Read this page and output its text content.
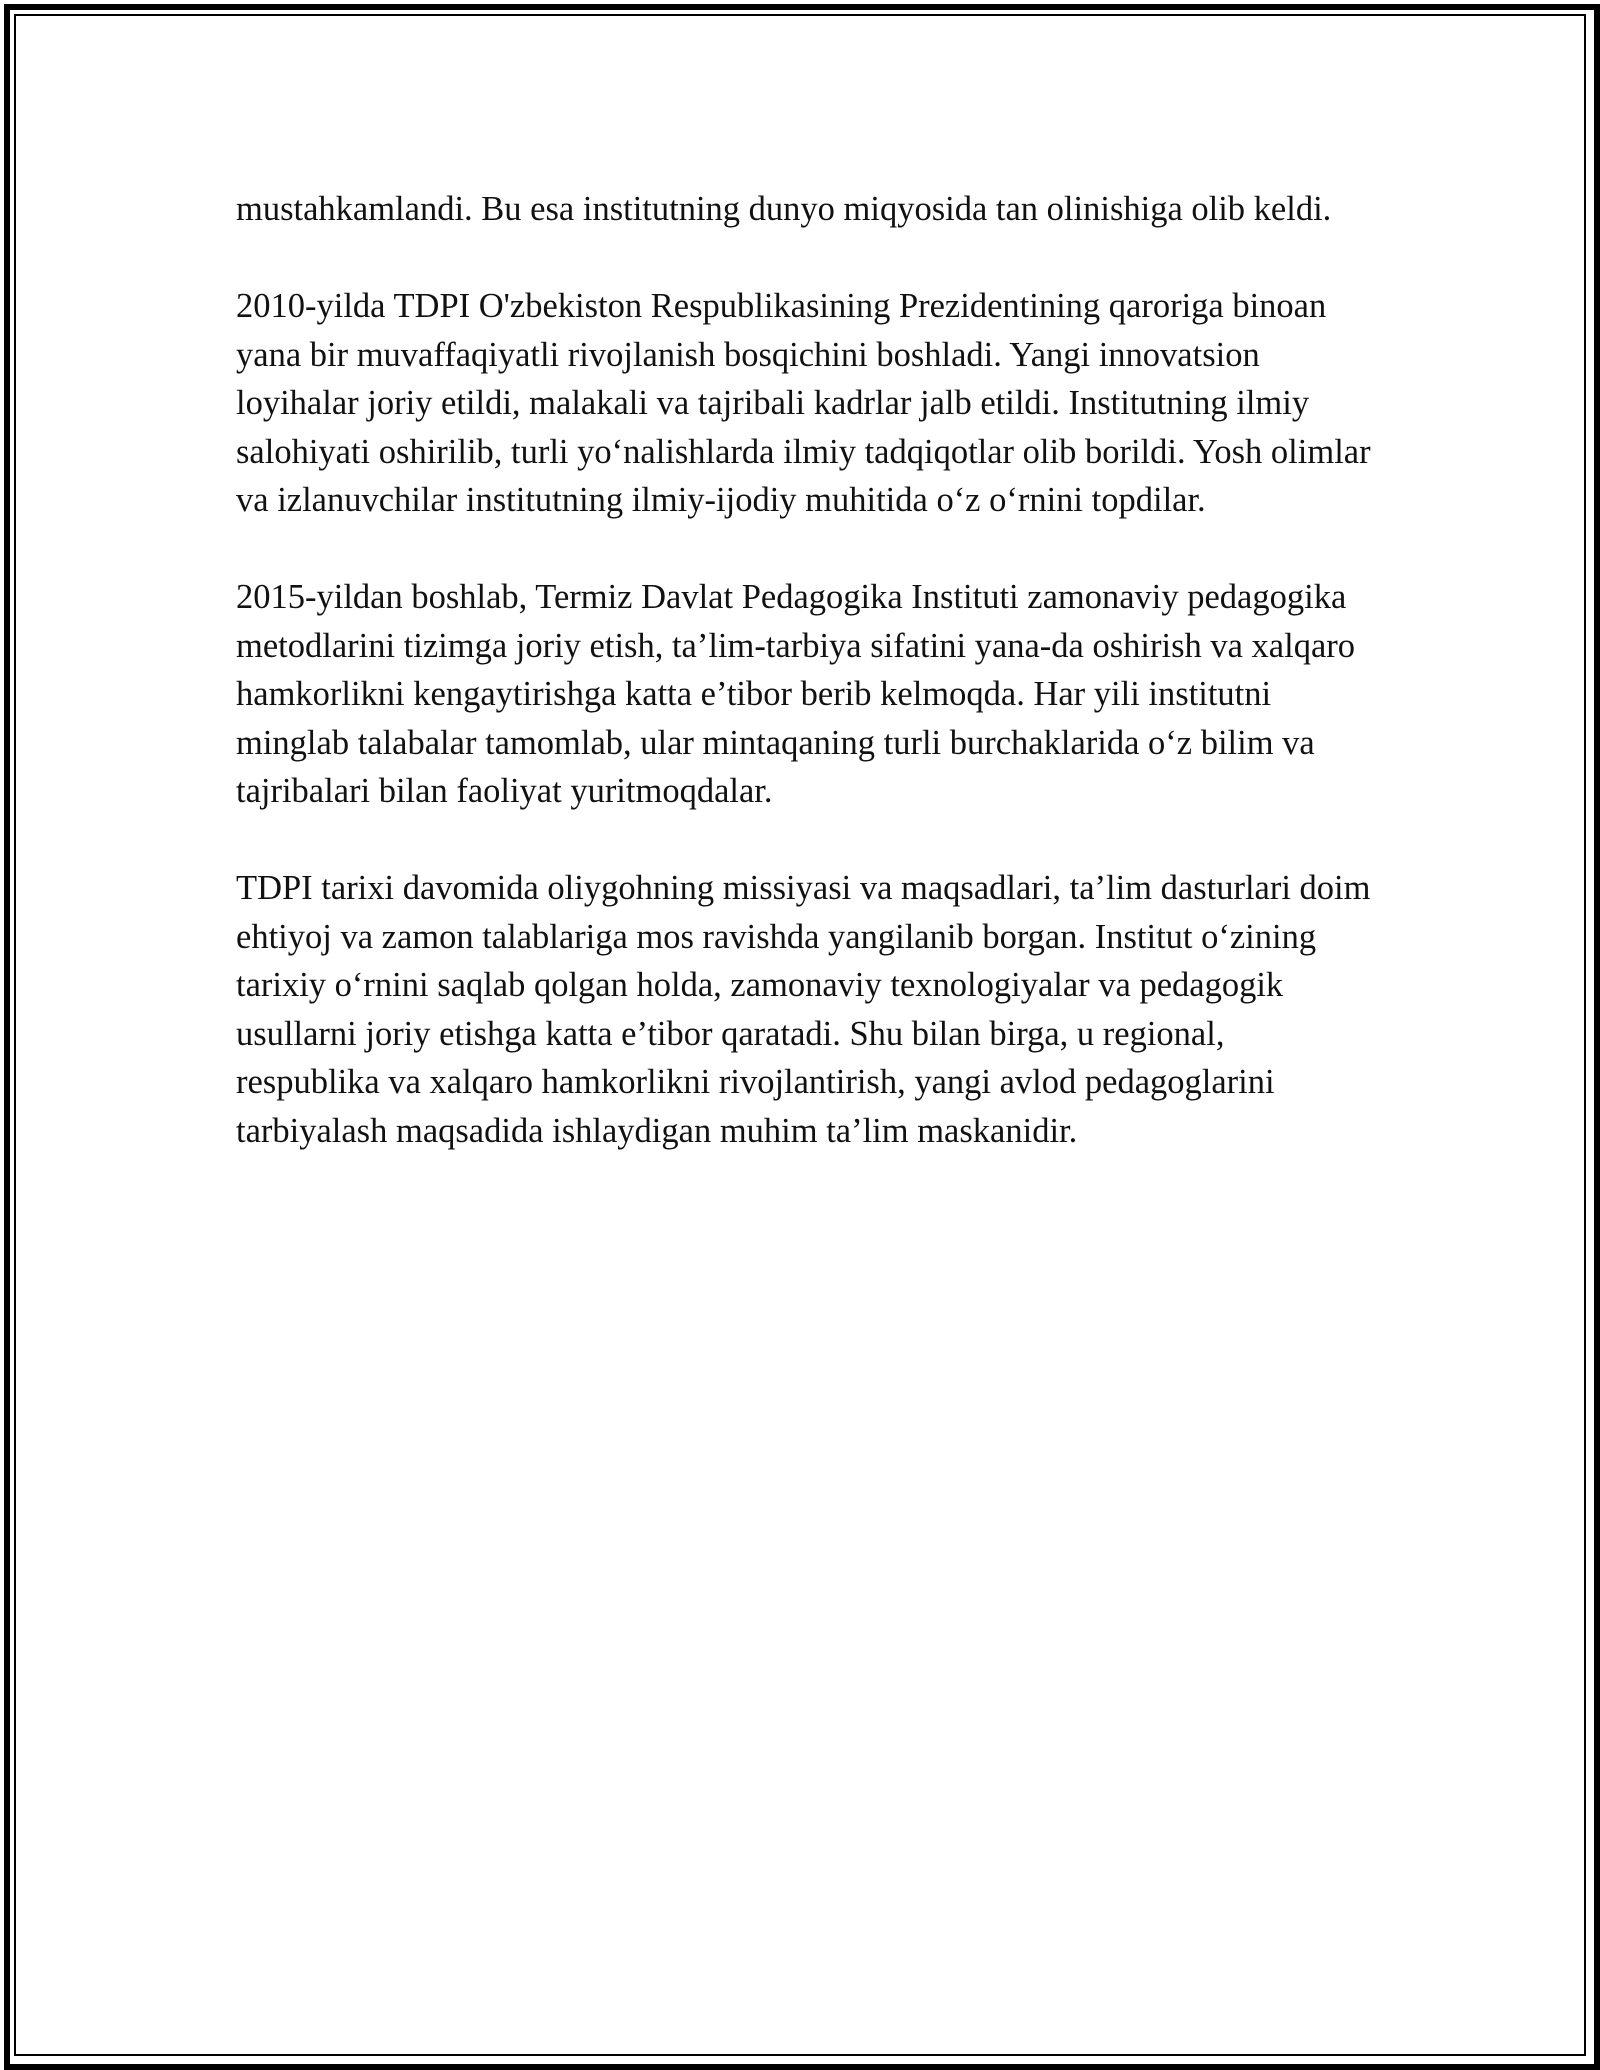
mustahkamlandi. Bu esa institutning dunyo miqyosida tan olinishiga olib keldi.

2010-yilda TDPI O'zbekiston Respublikasining Prezidentining qaroriga binoan yana bir muvaffaqiyatli rivojlanish bosqichini boshladi. Yangi innovatsion loyihalar joriy etildi, malakali va tajribali kadrlar jalb etildi. Institutning ilmiy salohiyati oshirilib, turli yoʻnalishlarda ilmiy tadqiqotlar olib borildi. Yosh olimlar va izlanuvchilar institutning ilmiy-ijodiy muhitida oʻz oʻrnini topdilar.

2015-yildan boshlab, Termiz Davlat Pedagogika Instituti zamonaviy pedagogika metodlarini tizimga joriy etish, ta’lim-tarbiya sifatini yana-da oshirish va xalqaro hamkorlikni kengaytirishga katta e’tibor berib kelmoqda. Har yili institutni minglab talabalar tamomlab, ular mintaqaning turli burchaklarida oʻz bilim va tajribalari bilan faoliyat yuritmoqdalar.

TDPI tarixi davomida oliygohning missiyasi va maqsadlari, ta’lim dasturlari doim ehtiyoj va zamon talablariga mos ravishda yangilanib borgan. Institut oʻzining tarixiy oʻrnini saqlab qolgan holda, zamonaviy texnologiyalar va pedagogik usullarni joriy etishga katta e’tibor qaratadi. Shu bilan birga, u regional, respublika va xalqaro hamkorlikni rivojlantirish, yangi avlod pedagoglarini tarbiyalash maqsadida ishlaydigan muhim ta’lim maskanidir.
